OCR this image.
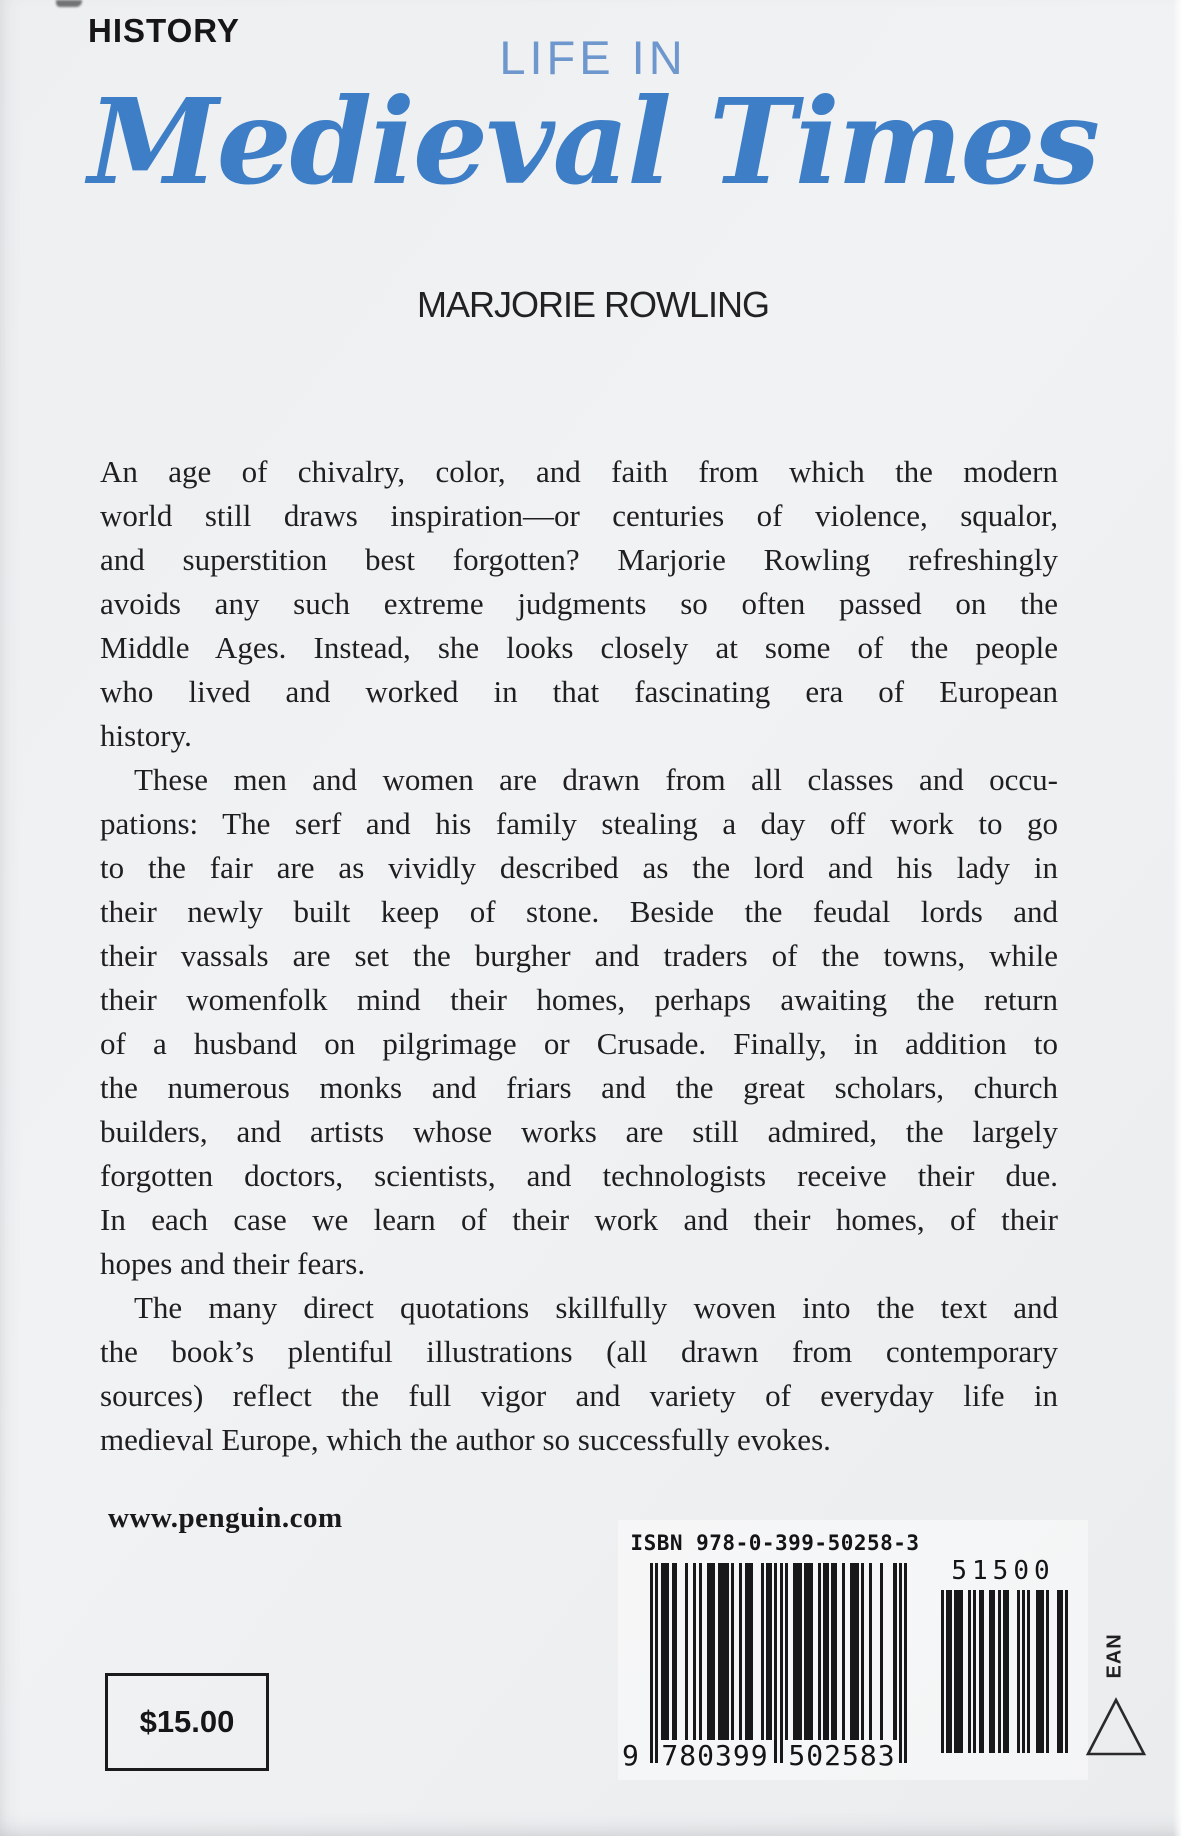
HISTORY
LIFE IN
Medieval Times
MARJORIE ROWLING
An age of chivalry, color, and faith from which the modern
world still draws inspiration—or centuries of violence, squalor,
and superstition best forgotten? Marjorie Rowling refreshingly
avoids any such extreme judgments so often passed on the
Middle Ages. Instead, she looks closely at some of the people
who lived and worked in that fascinating era of European
history.
These men and women are drawn from all classes and occu-
pations: The serf and his family stealing a day off work to go
to the fair are as vividly described as the lord and his lady in
their newly built keep of stone. Beside the feudal lords and
their vassals are set the burgher and traders of the towns, while
their womenfolk mind their homes, perhaps awaiting the return
of a husband on pilgrimage or Crusade. Finally, in addition to
the numerous monks and friars and the great scholars, church
builders, and artists whose works are still admired, the largely
forgotten doctors, scientists, and technologists receive their due.
In each case we learn of their work and their homes, of their
hopes and their fears.
The many direct quotations skillfully woven into the text and
the book’s plentiful illustrations (all drawn from contemporary
sources) reflect the full vigor and variety of everyday life in
medieval Europe, which the author so successfully evokes.
www.penguin.com
$15.00
ISBN 978-0-399-50258-3
9 780399 502583
51500
EAN
